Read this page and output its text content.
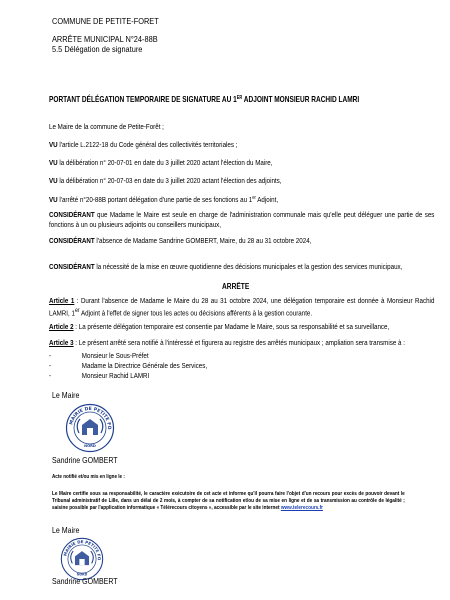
COMMUNE DE PETITE-FORET
ARRÊTE MUNICIPAL N°24-88B
5.5 Délégation de signature
PORTANT DÉLÉGATION TEMPORAIRE DE SIGNATURE AU 1ER ADJOINT MONSIEUR RACHID LAMRI
Le Maire de la commune de Petite-Forêt ;
VU l'article L.2122-18 du Code général des collectivités territoriales ;
VU la délibération n° 20-07-01 en date du 3 juillet 2020 actant l'élection du Maire,
VU la délibération n° 20-07-03 en date du 3 juillet 2020 actant l'élection des adjoints,
VU l'arrêté n°20-88B portant délégation d'une partie de ses fonctions au 1er Adjoint,
CONSIDÉRANT que Madame le Maire est seule en charge de l'administration communale mais qu'elle peut déléguer une partie de ses fonctions à un ou plusieurs adjoints ou conseillers municipaux,
CONSIDÉRANT l'absence de Madame Sandrine GOMBERT, Maire, du 28 au 31 octobre 2024,
ARRÊTE
Article 1 : Durant l'absence de Madame le Maire du 28 au 31 octobre 2024, une délégation temporaire est donnée à Monsieur Rachid LAMRI, 1er Adjoint à l'effet de signer tous les actes ou décisions afférents à la gestion courante.
Article 2 : La présente délégation temporaire est consentie par Madame le Maire, sous sa responsabilité et sa surveillance,
Article 3 : Le présent arrêté sera notifié à l'intéressé et figurera au registre des arrêtés municipaux ; ampliation sera transmise à :
-	Monsieur le Sous-Préfet
-	Madame la Directrice Générale des Services,
-	Monsieur Rachid LAMRI
Le Maire
MAIRIE DE PETITE FO
NORD
Sandrine GOMBERT
Acte notifié et/ou mis en ligne le :
Le Maire certifie sous sa responsabilité, le caractère exécutoire de cet acte et informe qu'il pourra faire l'objet d'un recours pour excès de pouvoir devant le Tribunal administratif de Lille, dans un délai de 2 mois, à compter de sa notification et/ou de sa mise en ligne et de sa transmission au contrôle de légalité ; saisine possible par l'application informatique « Télérecours citoyens », accessible par le site internet www.telerecours.fr
Le Maire
MAIRIE DE PETITE FO
NORD
Sandrine GOMBERT
CONSIDÉRANT la nécessité de la mise en œuvre quotidienne des décisions municipales et la gestion des services municipaux,
